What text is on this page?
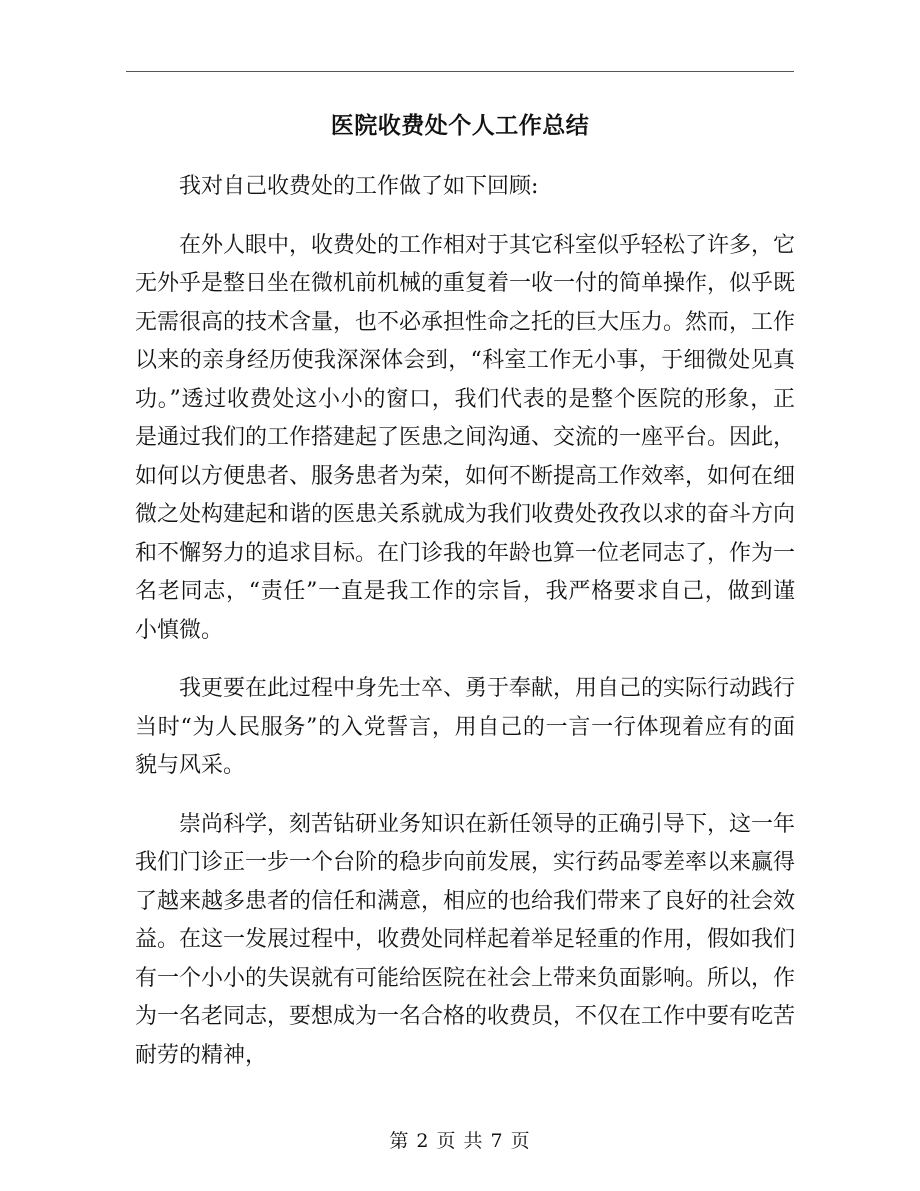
医院收费处个人工作总结

我对自己收费处的工作做了如下回顾:

在外人眼中，收费处的工作相对于其它科室似乎轻松了许多，它无外乎是整日坐在微机前机械的重复着一收一付的简单操作，似乎既无需很高的技术含量，也不必承担性命之托的巨大压力。然而，工作以来的亲身经历使我深深体会到，“科室工作无小事，于细微处见真功。”透过收费处这小小的窗口，我们代表的是整个医院的形象，正是通过我们的工作搭建起了医患之间沟通、交流的一座平台。因此，如何以方便患者、服务患者为荣，如何不断提高工作效率，如何在细微之处构建起和谐的医患关系就成为我们收费处孜孜以求的奋斗方向和不懈努力的追求目标。在门诊我的年龄也算一位老同志了，作为一名老同志，“责任”一直是我工作的宗旨，我严格要求自己，做到谨小慎微。

我更要在此过程中身先士卒、勇于奉献，用自己的实际行动践行当时“为人民服务”的入党誓言，用自己的一言一行体现着应有的面貌与风采。

崇尚科学，刻苦钻研业务知识在新任领导的正确引导下，这一年我们门诊正一步一个台阶的稳步向前发展，实行药品零差率以来赢得了越来越多患者的信任和满意，相应的也给我们带来了良好的社会效益。在这一发展过程中，收费处同样起着举足轻重的作用，假如我们有一个小小的失误就有可能给医院在社会上带来负面影响。所以，作为一名老同志，要想成为一名合格的收费员，不仅在工作中要有吃苦耐劳的精神，

第 2 页 共 7 页
